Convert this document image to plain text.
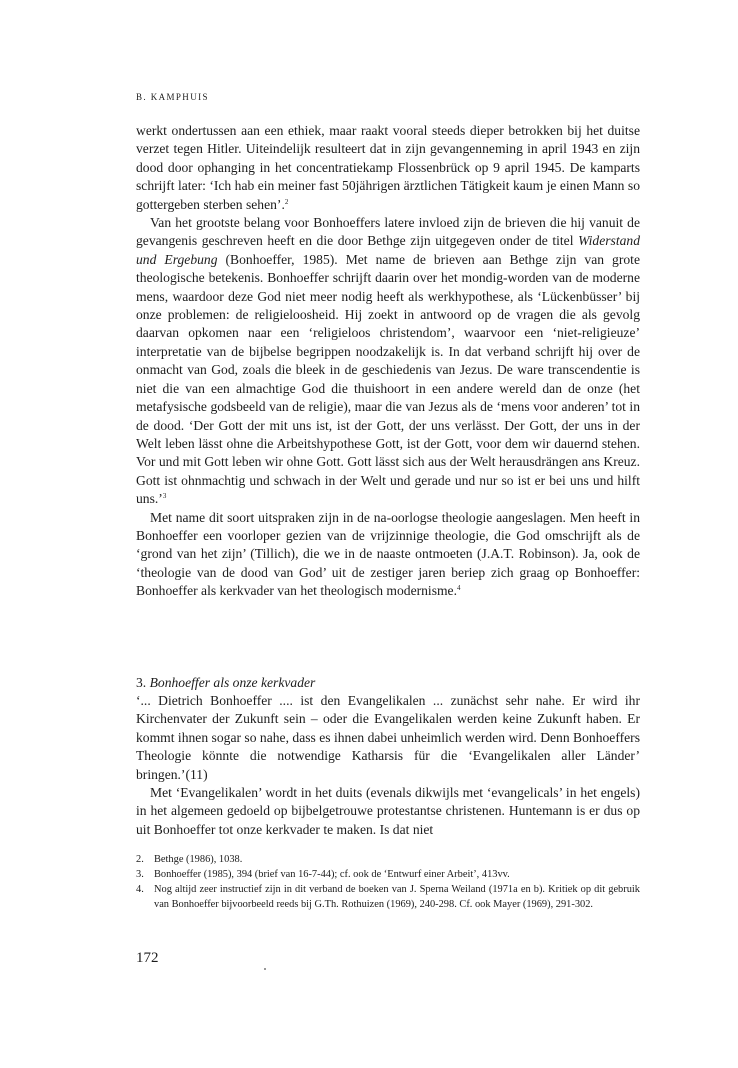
B. KAMPHUIS

werkt ondertussen aan een ethiek, maar raakt vooral steeds dieper betrokken bij het duitse verzet tegen Hitler. Uiteindelijk resulteert dat in zijn gevangenneming in april 1943 en zijn dood door ophanging in het concentratiekamp Flossenbrück op 9 april 1945. De kamparts schrijft later: ‘Ich hab ein meiner fast 50jährigen ärztlichen Tätigkeit kaum je einen Mann so gottergeben sterben sehen’.$^2$

Van het grootste belang voor Bonhoeffers latere invloed zijn de brieven die hij vanuit de gevangenis geschreven heeft en die door Bethge zijn uitgegeven onder de titel Widerstand und Ergebung (Bonhoeffer, 1985). Met name de brieven aan Bethge zijn van grote theologische betekenis. Bonhoeffer schrijft daarin over het mondig-worden van de moderne mens, waardoor deze God niet meer nodig heeft als werkhypothese, als ‘Lückenbüsser’ bij onze problemen: de religieloosheid. Hij zoekt in antwoord op de vragen die als gevolg daarvan opkomen naar een ‘religieloos christendom’, waarvoor een ‘niet-religieuze’ interpretatie van de bijbelse begrippen noodzakelijk is. In dat verband schrijft hij over de onmacht van God, zoals die bleek in de geschiedenis van Jezus. De ware transcendentie is niet die van een almachtige God die thuishoort in een andere wereld dan de onze (het metafysische godsbeeld van de religie), maar die van Jezus als de ‘mens voor anderen’ tot in de dood. ‘Der Gott der mit uns ist, ist der Gott, der uns verlässt. Der Gott, der uns in der Welt leben lässt ohne die Arbeitshypothese Gott, ist der Gott, voor dem wir dauernd stehen. Vor und mit Gott leben wir ohne Gott. Gott lässt sich aus der Welt herausdrängen ans Kreuz. Gott ist ohnmachtig und schwach in der Welt und gerade und nur so ist er bei uns und hilft uns.’$^3$

Met name dit soort uitspraken zijn in de na-oorlogse theologie aangeslagen. Men heeft in Bonhoeffer een voorloper gezien van de vrijzinnige theologie, die God omschrijft als de ‘grond van het zijn’ (Tillich), die we in de naaste ontmoeten (J.A.T. Robinson). Ja, ook de ‘theologie van de dood van God’ uit de zestiger jaren beriep zich graag op Bonhoeffer: Bonhoeffer als kerkvader van het theologisch modernisme.$^4$

3. Bonhoeffer als onze kerkvader

‘... Dietrich Bonhoeffer .... ist den Evangelikalen ... zunächst sehr nahe. Er wird ihr Kirchenvater der Zukunft sein – oder die Evangelikalen werden keine Zukunft haben. Er kommt ihnen sogar so nahe, dass es ihnen dabei unheimlich werden wird. Denn Bonhoeffers Theologie könnte die notwendige Katharsis für die ‘Evangelikalen aller Länder’ bringen.’(11)

Met ‘Evangelikalen’ wordt in het duits (evenals dikwijls met ‘evangelicals’ in het engels) in het algemeen gedoeld op bijbelgetrouwe protestantse christenen. Huntemann is er dus op uit Bonhoeffer tot onze kerkvader te maken. Is dat niet

2. Bethge (1986), 1038.
3. Bonhoeffer (1985), 394 (brief van 16-7-44); cf. ook de ‘Entwurf einer Arbeit’, 413vv.
4. Nog altijd zeer instructief zijn in dit verband de boeken van J. Sperna Weiland (1971a en b). Kritiek op dit gebruik van Bonhoeffer bijvoorbeeld reeds bij G.Th. Rothuizen (1969), 240-298. Cf. ook Mayer (1969), 291-302.
172
